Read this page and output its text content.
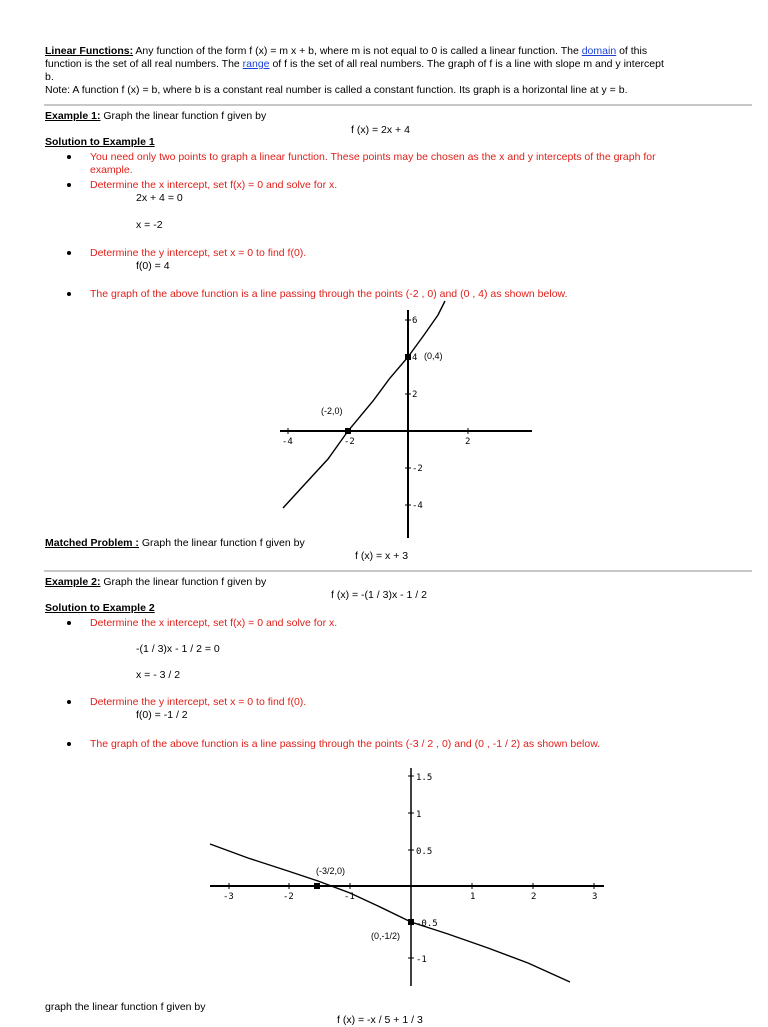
Linear Functions: Any function of the form f (x) = m x + b, where m is not equal to 0 is called a linear function. The domain of this
function is the set of all real numbers. The range of f is the set of all real numbers. The graph of f is a line with slope m and y intercept
b.
Note: A function f (x) = b, where b is a constant real number is called a constant function. Its graph is a horizontal line at y = b.
Example 1: Graph the linear function f given by
f (x) = 2x + 4
Solution to Example 1
You need only two points to graph a linear function. These points may be chosen as the x and y intercepts of the graph for
example.
Determine the x intercept, set f(x) = 0 and solve for x.
2x + 4 = 0
x = -2
Determine the y intercept, set x = 0 to find f(0).
f(0) = 4
The graph of the above function is a line passing through the points (-2 , 0) and (0 , 4) as shown below.
-4	-2	2
6
4
2
-2
-4
(-2,0)
(0,4)
Matched Problem : Graph the linear function f given by
f (x) = x + 3
Example 2: Graph the linear function f given by
f (x) = -(1 / 3)x - 1 / 2
Solution to Example 2
Determine the x intercept, set f(x) = 0 and solve for x.
-(1 / 3)x - 1 / 2 = 0
x = - 3 / 2
Determine the y intercept, set x = 0 to find f(0).
f(0) = -1 / 2
The graph of the above function is a line passing through the points (-3 / 2 , 0) and (0 , -1 / 2) as shown below.
-3	-2	-1	1	2	3
1.5
1
0.5
-0.5
-1
(-3/2,0)
(0,-1/2)
graph the linear function f given by
f (x) = -x / 5 + 1 / 3
